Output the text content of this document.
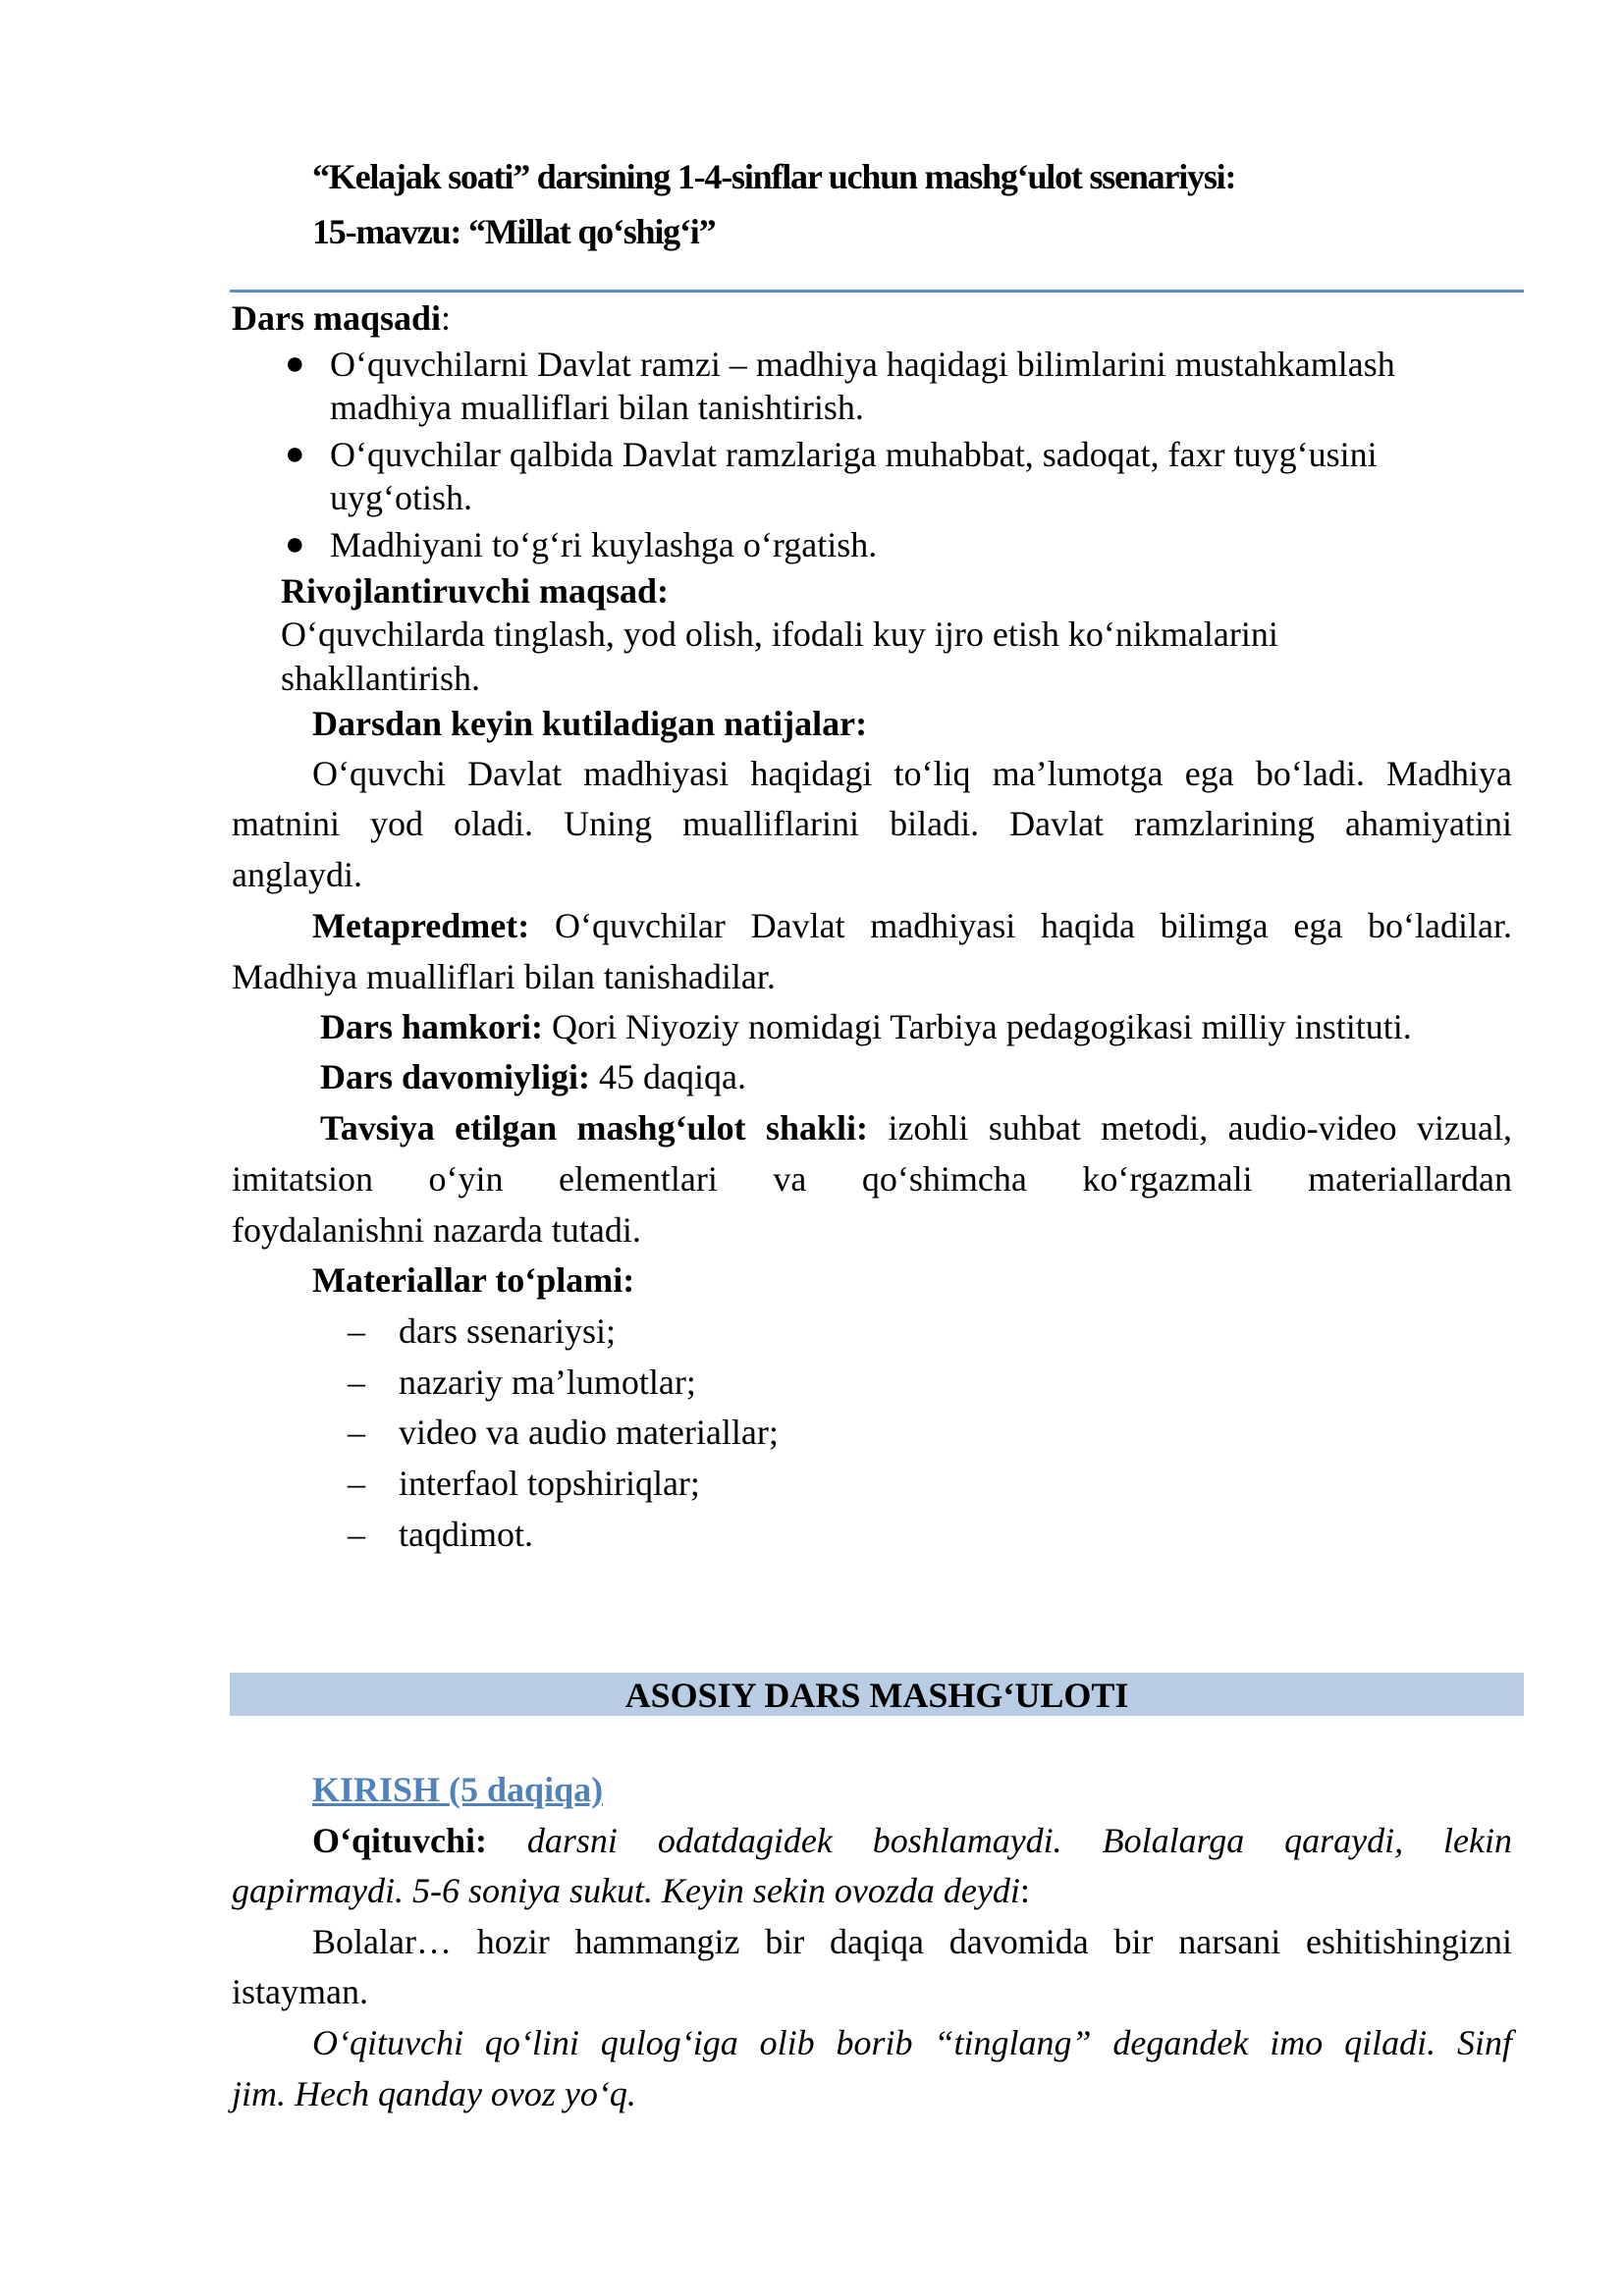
“Kelajak soati” darsining 1-4-sinflar uchun mashg‘ulot ssenariysi:
15-mavzu: “Millat qo‘shig‘i”
Dars maqsadi:
● O‘quvchilarni Davlat ramzi – madhiya haqidagi bilimlarini mustahkamlash
madhiya mualliflari bilan tanishtirish.
● O‘quvchilar qalbida Davlat ramzlariga muhabbat, sadoqat, faxr tuyg‘usini
uyg‘otish.
● Madhiyani to‘g‘ri kuylashga o‘rgatish.
Rivojlantiruvchi maqsad:
O‘quvchilarda tinglash, yod olish, ifodali kuy ijro etish ko‘nikmalarini
shakllantirish.
Darsdan keyin kutiladigan natijalar:
O‘quvchi Davlat madhiyasi haqidagi to‘liq ma’lumotga ega bo‘ladi. Madhiya
matnini yod oladi. Uning mualliflarini biladi. Davlat ramzlarining ahamiyatini
anglaydi.
Metapredmet: O‘quvchilar Davlat madhiyasi haqida bilimga ega bo‘ladilar.
Madhiya mualliflari bilan tanishadilar.
Dars hamkori: Qori Niyoziy nomidagi Tarbiya pedagogikasi milliy instituti.
Dars davomiyligi: 45 daqiqa.
Tavsiya etilgan mashg‘ulot shakli: izohli suhbat metodi, audio-video vizual,
imitatsion o‘yin elementlari va qo‘shimcha ko‘rgazmali materiallardan
foydalanishni nazarda tutadi.
Materiallar to‘plami:
– dars ssenariysi;
– nazariy ma’lumotlar;
– video va audio materiallar;
– interfaol topshiriqlar;
– taqdimot.
ASOSIY DARS MASHG‘ULOTI
KIRISH (5 daqiqa)
O‘qituvchi: darsni odatdagidek boshlamaydi. Bolalarga qaraydi, lekin
gapirmaydi. 5-6 soniya sukut. Keyin sekin ovozda deydi:
Bolalar… hozir hammangiz bir daqiqa davomida bir narsani eshitishingizni
istayman.
O‘qituvchi qo‘lini qulog‘iga olib borib “tinglang” degandek imo qiladi. Sinf
jim. Hech qanday ovoz yo‘q.
